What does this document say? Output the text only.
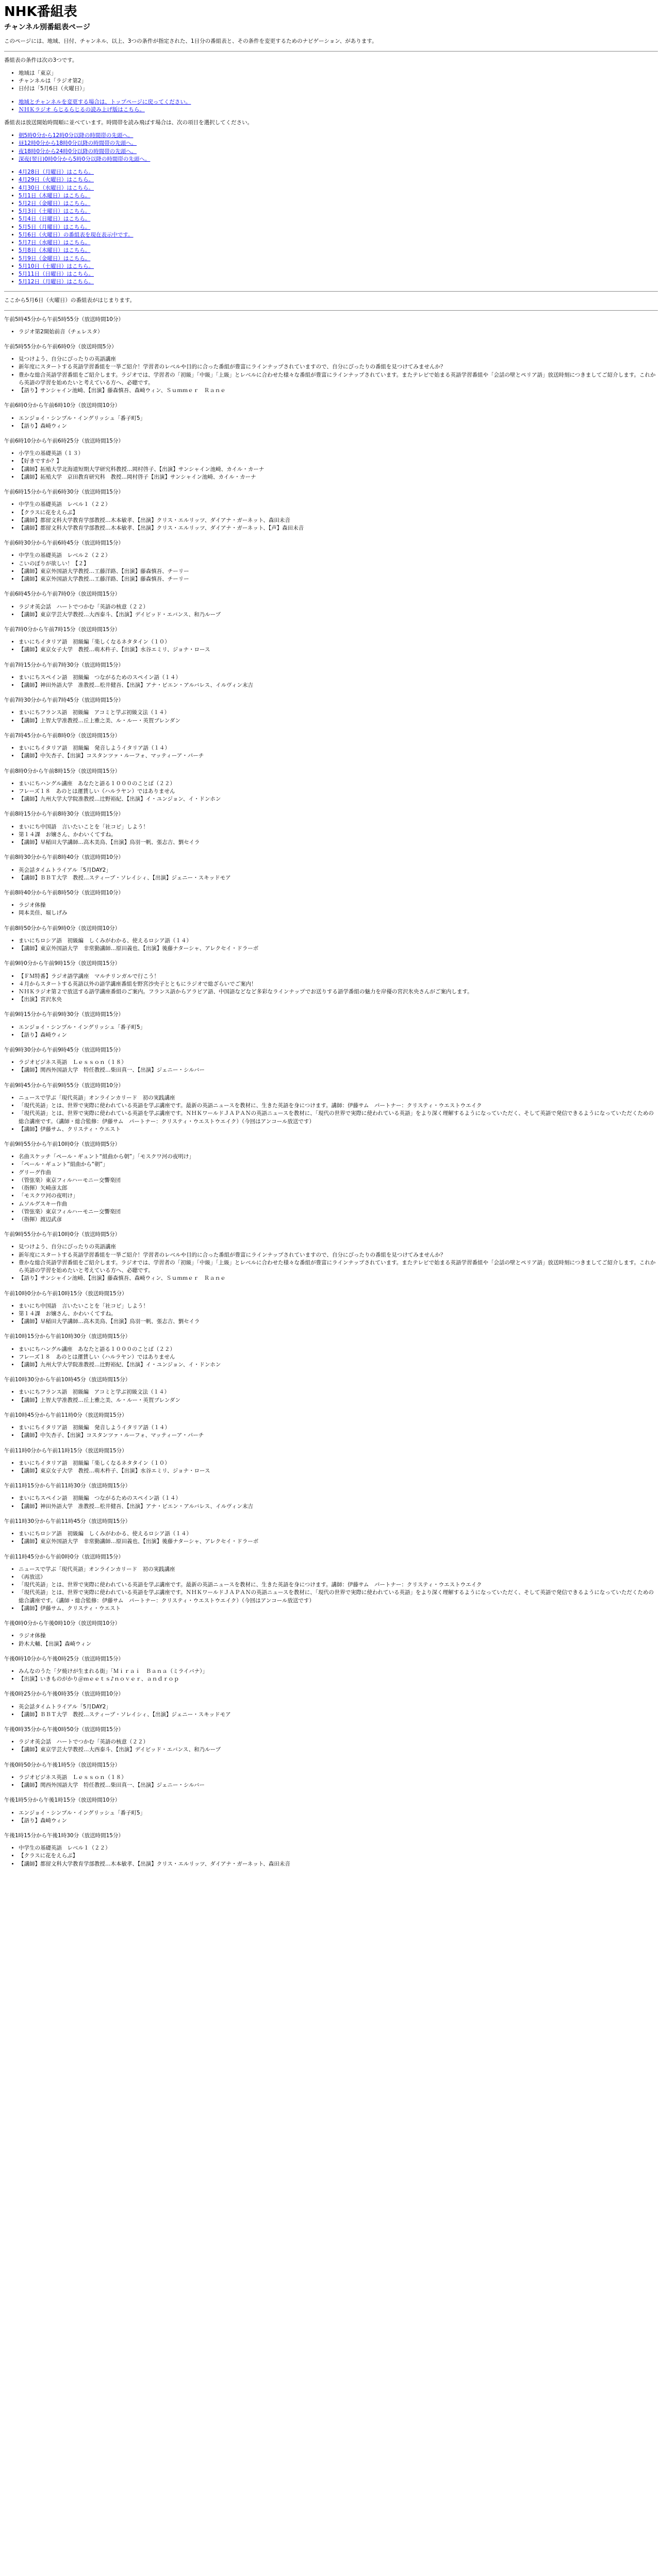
NHK番組表
チャンネル別番組表ページ

このページには、地域、日付、チャンネル、以上、3つの条件が指定された、1日分の番組表と、その条件を変更するためのナビゲーション、があります。

番組表の条件は次の3つです。

• 地域は「東京」
• チャンネルは「ラジオ第2」
• 日付は「5月6日（火曜日）」
• 地域とチャンネルを変更する場合は、トップページに戻ってください。
• ＮＨＫラジオ らじるらじるの読み上げ版はこちら。

番組表は放送開始時間順に並べています。時間帯を読み飛ばす場合は、次の項目を選択してください。

• 朝5時0分から12時0分以降の時間帯の先頭へ。
• 昼12時0分から18時0分以降の時間帯の先頭へ。
• 夜18時0分から24時0分以降の時間帯の先頭へ。
• 深夜(翌日)0時0分から5時0分以降の時間帯の先頭へ。
• 4月28日（月曜日）はこちら。
• 4月29日（火曜日）はこちら。
• 4月30日（水曜日）はこちら。
• 5月1日（木曜日）はこちら。
• 5月2日（金曜日）はこちら。
• 5月3日（土曜日）はこちら。
• 5月4日（日曜日）はこちら。
• 5月5日（月曜日）はこちら。
• 5月6日（火曜日）の番組表を現在表示中です。
• 5月7日（水曜日）はこちら。
• 5月8日（木曜日）はこちら。
• 5月9日（金曜日）はこちら。
• 5月10日（土曜日）はこちら。
• 5月11日（日曜日）はこちら。
• 5月12日（月曜日）はこちら。

ここから5月6日（火曜日）の番組表がはじまります。

午前5時45分から午前5時55分（放送時間10分）

• ラジオ第2開始前音（チェレスタ）

午前5時55分から午前6時0分（放送時間5分）

• 見つけよう、自分にぴったりの英語講座
• 新年度にスタートする英語学習番組を一挙ご紹介！学習者のレベルや目的に合った番組が豊富にラインナップされていますので、自分にぴったりの番組を見つけてみませんか？
• 豊かな総合英語学習番組をご紹介します。ラジオでは、学習者の「初級」「中級」「上級」とレベルに合わせた様々な番組が豊富にラインナップされています。またテレビで始まる英語学習番組や「会話の壁とペリア語」放送時刻につきましてご紹介します。これから英語の学習を始めたいと考えている方へ、必聴です。
• 【語り】サンシャイン池崎、【出演】藤森慎吾、森崎ウィン、Ｓｕｍｍｅｒ　Ｒａｎｅ

午前6時0分から午前6時10分（放送時間10分）

• エンジョイ・シンプル・イングリッシュ「番子町5」
• 【語り】森崎ウィン

午前6時10分から午前6時25分（放送時間15分）

• 小学生の基礎英語（１３）
• 【好きですか？】
• 【講師】拓殖大学北海道短期大学研究科教授…岡村啓子、【出演】サンシャイン池崎、カイル・カーナ
• 【講師】拓殖大学　京田教育研究科　教授…岡村啓子【出演】サンシャイン池崎、カイル・カーナ

午前6時15分から午前6時30分（放送時間15分）

• 中学生の基礎英語　レベル１（２２）
• 【クラスに花をえらぶ】
• 【講師】都留文科大学教育学部教授…木本敏孝、【出演】クリス・エルリッツ、ダイアナ・ガーネット、森田未音
• 【講師】都留文科大学教育学部教授…木本敏孝、【出演】クリス・エルリッツ、ダイアナ・ガーネット、【声】森田未音

午前6時30分から午前6時45分（放送時間15分）

• 中学生の基礎英語　レベル２（２２）
• こいのぼりが欲しい！【２】
• 【講師】東京外国語大学教授…工藤洋路、【出演】藤森慎吾、チーリー
• 【講師】東京外国語大学教授…工藤洋路、【出演】藤森慎吾、チーリー

午前6時45分から午前7時0分（放送時間15分）

• ラジオ英会話　ハートでつかむ「英語の核意（２２）
• 【講師】東京学芸大学教授…大西泰斗、【出演】デイビッド・エバンス、和乃ルーブ

午前7時0分から午前7時15分（放送時間15分）

• まいにちイタリア語　初級編「楽しくなるネタタイン（１０）
• 【講師】東京女子大学　教授…萌木杵子、【出演】水谷エミリ、ジョナ・ロース

午前7時15分から午前7時30分（放送時間15分）

• まいにちスペイン語　初級編　つながるためのスペイン語（１４）
• 【講師】神田外語大学　准教授…松井健吾、【出演】アナ・ビエン・アルバレス、イルヴィン末吉

午前7時30分から午前7時45分（放送時間15分）

• まいにちフランス語　初級編　アコミと学ぶ初級文法（１４）
• 【講師】上智大学准教授…丘上雅之美、ル・ルー・英賀ブレンダン

午前7時45分から午前8時0分（放送時間15分）

• まいにちイタリア語　初級編　発音しようイタリア語（１４）
• 【講師】中矢杏子、【出演】コスタンツァ・ルーフォ、マッティーア・パーチ

午前8時0分から午前8時15分（放送時間15分）

• まいにちハングル講座　あなたと語る１０００のことば（２２）
• フレーズ１８　あのとは運賃しい（ハルラヤン）ではありません
• 【講師】九州大学大学院准教授…辻野裕紀、【出演】イ・ユンジョン、イ・ドンホン

午前8時15分から午前8時30分（放送時間15分）

• まいにち中国語　言いたいことを「社コピ」しよう！
• 第１４課　お嬢さん、かわいくてすね。
• 【講師】早稲田大学講師…高木美鳥、【出演】鳥羽一帆、張志吉、劉セイラ

午前8時30分から午前8時40分（放送時間10分）

• 英会話タイムトライアル「5月DAY2」
• 【講師】ＢＢＴ大学　教授…スティーブ・ソレイシィ、【出演】ジェニー・スキッドモア

午前8時40分から午前8時50分（放送時間10分）

• ラジオ体操
• 岡本美佳、堀しげみ

午前8時50分から午前9時0分（放送時間10分）

• まいにちロシア語　初級編　しくみがわかる、使えるロシア語（１４）
• 【講師】東京外国語大学　非常勤講師…原田義也、【出演】後藤ナターシャ、アレクセイ・ドラーボ

午前9時0分から午前9時15分（放送時間15分）

• 【ＦＭ特番】ラジオ語学講座　マルチリンガルで行こう！
• ４月からスタートする英語以外の語学講座番組を野宮沙央子とともにラジオで総ざらいでご案内！
• ＮＨＫラジオ第２で放送する語学講座番組のご案内。フランス語からアラビア語、中国語などなど多彩なラインナップでお送りする語学番組の魅力を岸優の宮沢氷央さんがご案内します。
• 【出演】宮沢氷央

午前9時15分から午前9時30分（放送時間15分）

• エンジョイ・シンプル・イングリッシュ「番子町5」
• 【語り】森崎ウィン

午前9時30分から午前9時45分（放送時間15分）

• ラジオビジネス英語　Ｌｅｓｓｏｎ（１８）
• 【講師】関西外国語大学　特任教授…柴田真一、【出演】ジェニー・シルバー

午前9時45分から午前9時55分（放送時間10分）

• ニュースで学ぶ「現代英語」オンラインカリード　初の実践講座
• 「現代英語」とは、世界で実際に使われている英語を学ぶ講座です。最新の英語ニュースを教材に、生きた英語を身につけます。講師：伊藤サム　パートナー：クリスティ・ウエストウエイク
• 「現代英語」とは、世界で実際に使われている英語を学ぶ講座です。ＮＨＫワールドＪＡＰＡＮの英語ニュースを教材に、「現代の世界で実際に使われている英語」をより深く理解するようになっていただく、そして英語で発信できるようになっていただくための総合講座です。（講師・総合監修：伊藤サム　パートナー：クリスティ・ウエストウエイク）（今回はアンコール放送です）
• 【講師】伊藤サム、クリスティ・ウエスト

午前9時55分から午前10時0分（放送時間5分）

• 名曲スケッチ「ペール・ギュント“組曲から朝”」「モスクワ河の夜明け」
• 「ペール・ギュント“組曲から“朝”」
• グリーグ作曲
• （管弦楽）東京フィルハーモニー交響楽団
• （指揮）矢崎彦太郎
• 「モスクワ河の夜明け」
• ムソルグスキー作曲
• （管弦楽）東京フィルハーモニー交響楽団
• （指揮）渡辺武彦

午前9時55分から午前10時0分（放送時間5分）

• 見つけよう、自分にぴったりの英語講座
• 新年度にスタートする英語学習番組を一挙ご紹介！学習者のレベルや目的に合った番組が豊富にラインナップされていますので、自分にぴったりの番組を見つけてみませんか？
• 豊かな総合英語学習番組をご紹介します。ラジオでは、学習者の「初級」「中級」「上級」とレベルに合わせた様々な番組が豊富にラインナップされています。またテレビで始まる英語学習番組や「会話の壁とペリア語」放送時刻につきましてご紹介します。これから英語の学習を始めたいと考えている方へ、必聴です。
• 【語り】サンシャイン池崎、【出演】藤森慎吾、森崎ウィン、Ｓｕｍｍｅｒ　Ｒａｎｅ

午前10時0分から午前10時15分（放送時間15分）

• まいにち中国語　言いたいことを「社コピ」しよう！
• 第１４課　お嬢さん、かわいくてすね。
• 【講師】早稲田大学講師…高木美鳥、【出演】鳥羽一帆、張志吉、劉セイラ

午前10時15分から午前10時30分（放送時間15分）

• まいにちハングル講座　あなたと語る１０００のことば（２２）
• フレーズ１８　あのとは運賃しい（ハルラヤン）ではありません
• 【講師】九州大学大学院准教授…辻野裕紀、【出演】イ・ユンジョン、イ・ドンホン

午前10時30分から午前10時45分（放送時間15分）

• まいにちフランス語　初級編　アコミと学ぶ初級文法（１４）
• 【講師】上智大学准教授…丘上雅之美、ル・ルー・英賀ブレンダン

午前10時45分から午前11時0分（放送時間15分）

• まいにちイタリア語　初級編　発音しようイタリア語（１４）
• 【講師】中矢杏子、【出演】コスタンツァ・ルーフォ、マッティーア・パーチ

午前11時0分から午前11時15分（放送時間15分）

• まいにちイタリア語　初級編「楽しくなるネタタイン（１０）
• 【講師】東京女子大学　教授…萌木杵子、【出演】水谷エミリ、ジョナ・ロース

午前11時15分から午前11時30分（放送時間15分）

• まいにちスペイン語　初級編　つながるためのスペイン語（１４）
• 【講師】神田外語大学　准教授…松井健吾、【出演】アナ・ビエン・アルバレス、イルヴィン末吉

午前11時30分から午前11時45分（放送時間15分）

• まいにちロシア語　初級編　しくみがわかる、使えるロシア語（１４）
• 【講師】東京外国語大学　非常勤講師…原田義也、【出演】後藤ナターシャ、アレクセイ・ドラーボ

午前11時45分から午前0時0分（放送時間15分）

• ニュースで学ぶ「現代英語」オンラインカリード　初の実践講座
• 《再放送》
• 「現代英語」とは、世界で実際に使われている英語を学ぶ講座です。最新の英語ニュースを教材に、生きた英語を身につけます。講師：伊藤サム　パートナー：クリスティ・ウエストウエイク
• 「現代英語」とは、世界で実際に使われている英語を学ぶ講座です。ＮＨＫワールドＪＡＰＡＮの英語ニュースを教材に、「現代の世界で実際に使われている英語」をより深く理解するようになっていただく、そして英語で発信できるようになっていただくための総合講座です。（講師・総合監修：伊藤サム　パートナー：クリスティ・ウエストウエイク）（今回はアンコール放送です）
• 【講師】伊藤サム、クリスティ・ウエスト

午後0時0分から午後0時10分（放送時間10分）

• ラジオ体操
• 鈴木大輔、【出演】森崎ウィン

午後0時10分から午後0時25分（放送時間15分）

• みんなのうた「夕焼けが生まれる街」「Ｍｉｒａｉ　Ｂａｎａ（ミライバナ）」
• 【出演】いきものがかり＠ｍｅｅｔｓ♪ｎｏｖｅｒ、ａｎｄｒｏｐ

午後0時25分から午後0時35分（放送時間10分）

• 英会話タイムトライアル「5月DAY2」
• 【講師】ＢＢＴ大学　教授…スティーブ・ソレイシィ、【出演】ジェニー・スキッドモア

午後0時35分から午後0時50分（放送時間15分）

• ラジオ英会話　ハートでつかむ「英語の核意（２２）
• 【講師】東京学芸大学教授…大西泰斗、【出演】デイビッド・エバンス、和乃ルーブ

午後0時50分から午後1時5分（放送時間15分）

• ラジオビジネス英語　Ｌｅｓｓｏｎ（１８）
• 【講師】関西外国語大学　特任教授…柴田真一、【出演】ジェニー・シルバー

午後1時5分から午後1時15分（放送時間10分）

• エンジョイ・シンプル・イングリッシュ「番子町5」
• 【語り】森崎ウィン

午後1時15分から午後1時30分（放送時間15分）

• 中学生の基礎英語　レベル１（２２）
• 【クラスに花をえらぶ】
• 【講師】都留文科大学教育学部教授…木本敏孝、【出演】クリス・エルリッツ、ダイアナ・ガーネット、森田未音
